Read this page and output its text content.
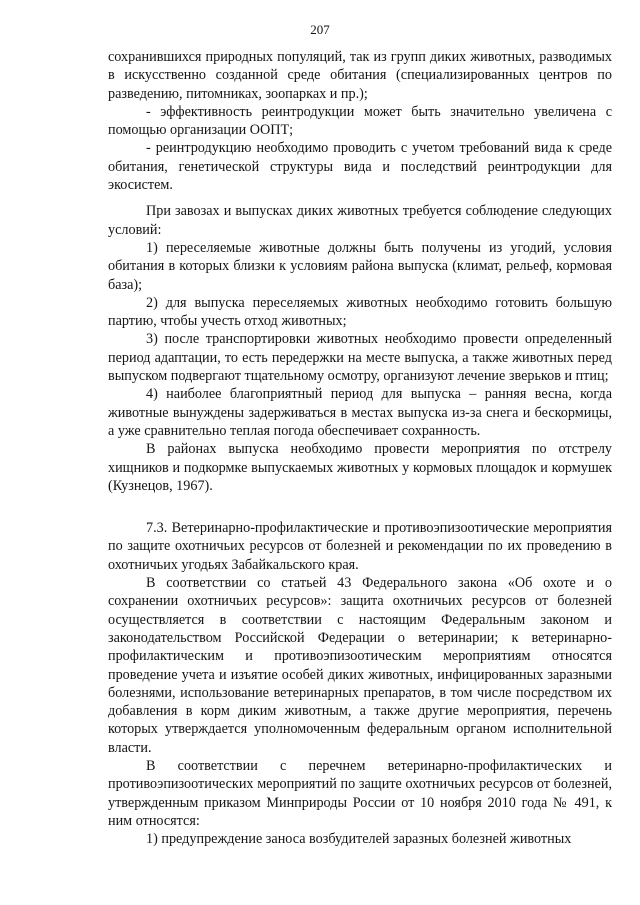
207

сохранившихся природных популяций, так из групп диких животных, разводимых в искусственно созданной среде обитания (специализированных центров по разведению, питомниках, зоопарках и пр.);

- эффективность реинтродукции может быть значительно увеличена с помощью организации ООПТ;

- реинтродукцию необходимо проводить с учетом требований вида к среде обитания, генетической структуры вида и последствий реинтродукции для экосистем.

При завозах и выпусках диких животных требуется соблюдение следующих условий:

1) переселяемые животные должны быть получены из угодий, условия обитания в которых близки к условиям района выпуска (климат, рельеф, кормовая база);

2) для выпуска переселяемых животных необходимо готовить большую партию, чтобы учесть отход животных;

3) после транспортировки животных необходимо провести определенный период адаптации, то есть передержки на месте выпуска, а также животных перед выпуском подвергают тщательному осмотру, организуют лечение зверьков и птиц;

4) наиболее благоприятный период для выпуска – ранняя весна, когда животные вынуждены задерживаться в местах выпуска из-за снега и бескормицы, а уже сравнительно теплая погода обеспечивает сохранность.

В районах выпуска необходимо провести мероприятия по отстрелу хищников и подкормке выпускаемых животных у кормовых площадок и кормушек (Кузнецов, 1967).

7.3. Ветеринарно-профилактические и противоэпизоотические мероприятия по защите охотничьих ресурсов от болезней и рекомендации по их проведению в охотничьих угодьях Забайкальского края.

В соответствии со статьей 43 Федерального закона «Об охоте и о сохранении охотничьих ресурсов»: защита охотничьих ресурсов от болезней осуществляется в соответствии с настоящим Федеральным законом и законодательством Российской Федерации о ветеринарии; к ветеринарно-профилактическим и противоэпизоотическим мероприятиям относятся проведение учета и изъятие особей диких животных, инфицированных заразными болезнями, использование ветеринарных препаратов, в том числе посредством их добавления в корм диким животным, а также другие мероприятия, перечень которых утверждается уполномоченным федеральным органом исполнительной власти.

В соответствии с перечнем ветеринарно-профилактических и противоэпизоотических мероприятий по защите охотничьих ресурсов от болезней, утвержденным приказом Минприроды России от 10 ноября 2010 года № 491, к ним относятся:

1) предупреждение заноса возбудителей заразных болезней животных
